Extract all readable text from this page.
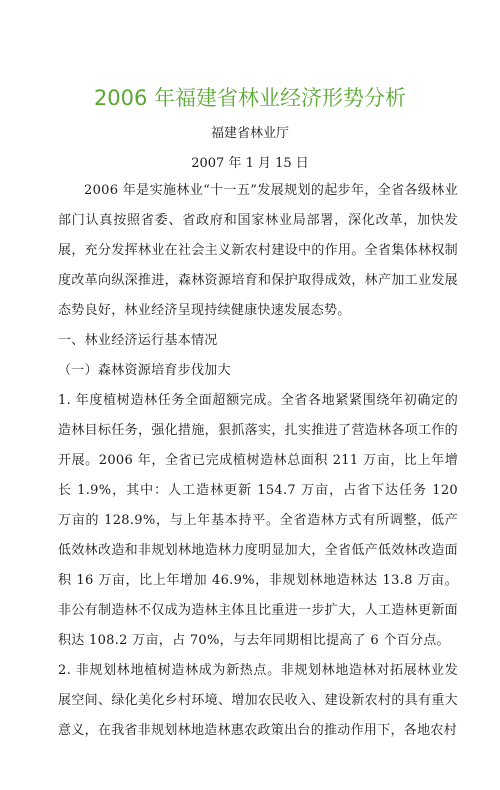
2006 年福建省林业经济形势分析

福建省林业厅

2007 年 1 月 15 日

2006 年是实施林业“十一五”发展规划的起步年，全省各级林业部门认真按照省委、省政府和国家林业局部署，深化改革，加快发展，充分发挥林业在社会主义新农村建设中的作用。全省集体林权制度改革向纵深推进，森林资源培育和保护取得成效，林产加工业发展态势良好，林业经济呈现持续健康快速发展态势。

一、林业经济运行基本情况

（一）森林资源培育步伐加大

1. 年度植树造林任务全面超额完成。全省各地紧紧围绕年初确定的造林目标任务，强化措施，狠抓落实，扎实推进了营造林各项工作的开展。2006 年，全省已完成植树造林总面积 211 万亩，比上年增长 1.9%，其中：人工造林更新 154.7 万亩，占省下达任务 120 万亩的 128.9%，与上年基本持平。全省造林方式有所调整，低产低效林改造和非规划林地造林力度明显加大，全省低产低效林改造面积 16 万亩，比上年增加 46.9%，非规划林地造林达 13.8 万亩。非公有制造林不仅成为造林主体且比重进一步扩大，人工造林更新面积达 108.2 万亩，占 70%，与去年同期相比提高了 6 个百分点。

2. 非规划林地植树造林成为新热点。非规划林地造林对拓展林业发展空间、绿化美化乡村环境、增加农民收入、建设新农村的具有重大意义，在我省非规划林地造林惠农政策出台的推动作用下，各地农村
